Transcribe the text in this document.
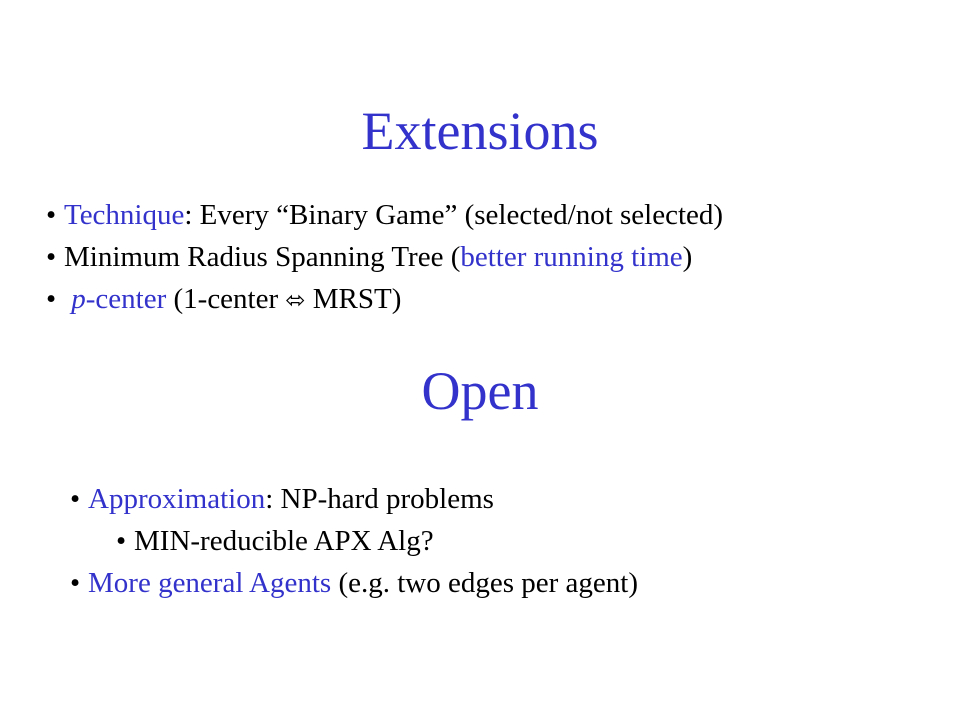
Extensions
• Technique: Every “Binary Game” (selected/not selected)
• Minimum Radius Spanning Tree (better running time)
• p-center (1-center ⬄ MRST)
Open
• Approximation: NP-hard problems
• MIN-reducible APX Alg?
• More general Agents (e.g. two edges per agent)
